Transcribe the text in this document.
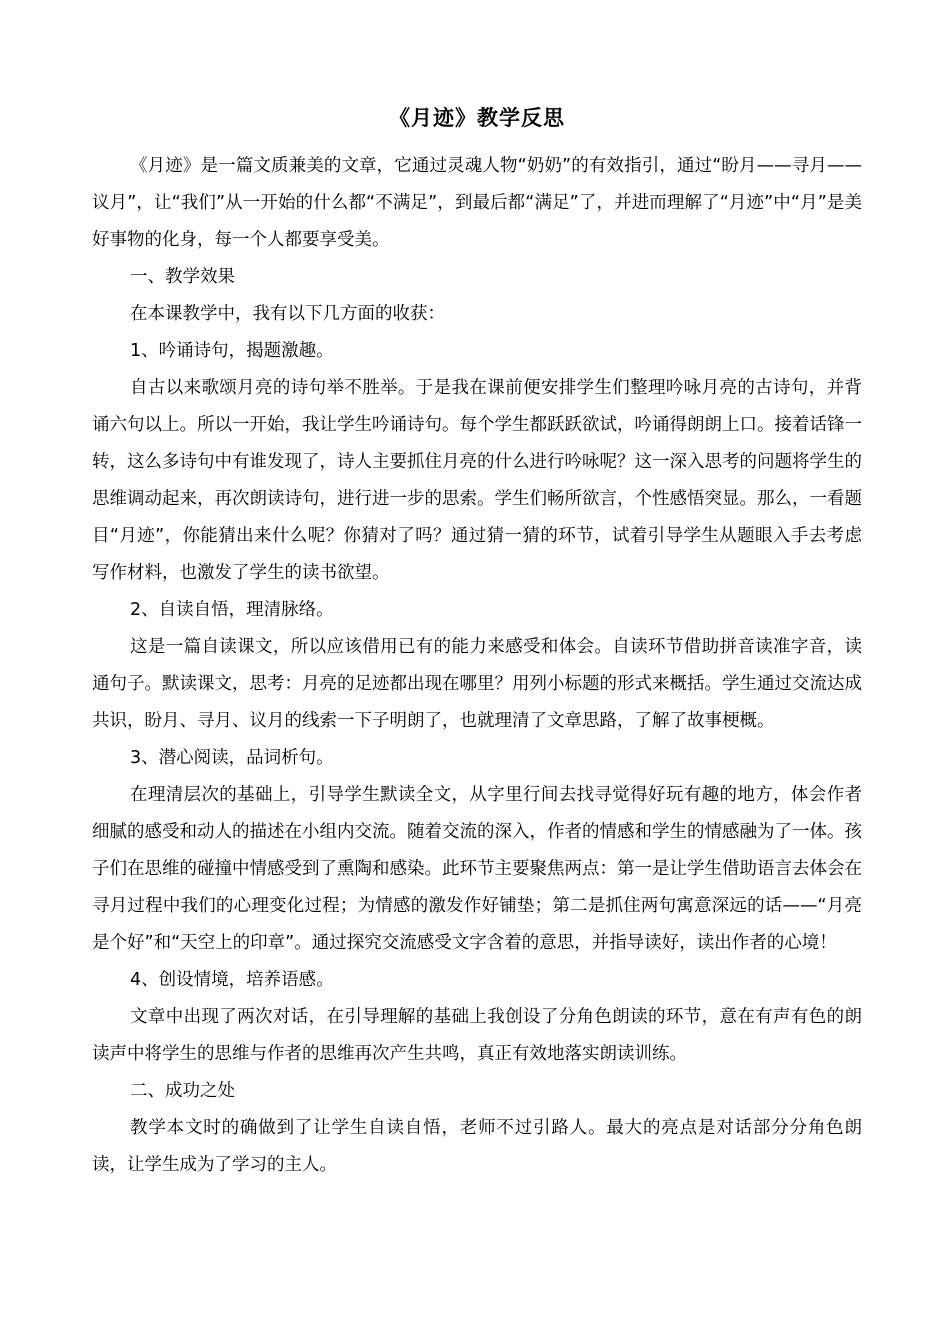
《月迹》教学反思

《月迹》是一篇文质兼美的文章，它通过灵魂人物“奶奶”的有效指引，通过“盼月——寻月——议月”，让“我们”从一开始的什么都“不满足”，到最后都“满足”了，并进而理解了“月迹”中“月”是美好事物的化身，每一个人都要享受美。

一、教学效果

在本课教学中，我有以下几方面的收获：

1、吟诵诗句，揭题激趣。

自古以来歌颂月亮的诗句举不胜举。于是我在课前便安排学生们整理吟咏月亮的古诗句，并背诵六句以上。所以一开始，我让学生吟诵诗句。每个学生都跃跃欲试，吟诵得朗朗上口。接着话锋一转，这么多诗句中有谁发现了，诗人主要抓住月亮的什么进行吟咏呢？这一深入思考的问题将学生的思维调动起来，再次朗读诗句，进行进一步的思索。学生们畅所欲言，个性感悟突显。那么，一看题目“月迹”，你能猜出来什么呢？你猜对了吗？通过猜一猜的环节，试着引导学生从题眼入手去考虑写作材料，也激发了学生的读书欲望。

2、自读自悟，理清脉络。

这是一篇自读课文，所以应该借用已有的能力来感受和体会。自读环节借助拼音读准字音，读通句子。默读课文，思考：月亮的足迹都出现在哪里？用列小标题的形式来概括。学生通过交流达成共识，盼月、寻月、议月的线索一下子明朗了，也就理清了文章思路，了解了故事梗概。

3、潜心阅读，品词析句。

在理清层次的基础上，引导学生默读全文，从字里行间去找寻觉得好玩有趣的地方，体会作者细腻的感受和动人的描述在小组内交流。随着交流的深入，作者的情感和学生的情感融为了一体。孩子们在思维的碰撞中情感受到了熏陶和感染。此环节主要聚焦两点：第一是让学生借助语言去体会在寻月过程中我们的心理变化过程；为情感的激发作好铺垫；第二是抓住两句寓意深远的话——“月亮是个好”和“天空上的印章”。通过探究交流感受文字含着的意思，并指导读好，读出作者的心境！

4、创设情境，培养语感。

文章中出现了两次对话，在引导理解的基础上我创设了分角色朗读的环节，意在有声有色的朗读声中将学生的思维与作者的思维再次产生共鸣，真正有效地落实朗读训练。

二、成功之处

教学本文时的确做到了让学生自读自悟，老师不过引路人。最大的亮点是对话部分分角色朗读，让学生成为了学习的主人。
